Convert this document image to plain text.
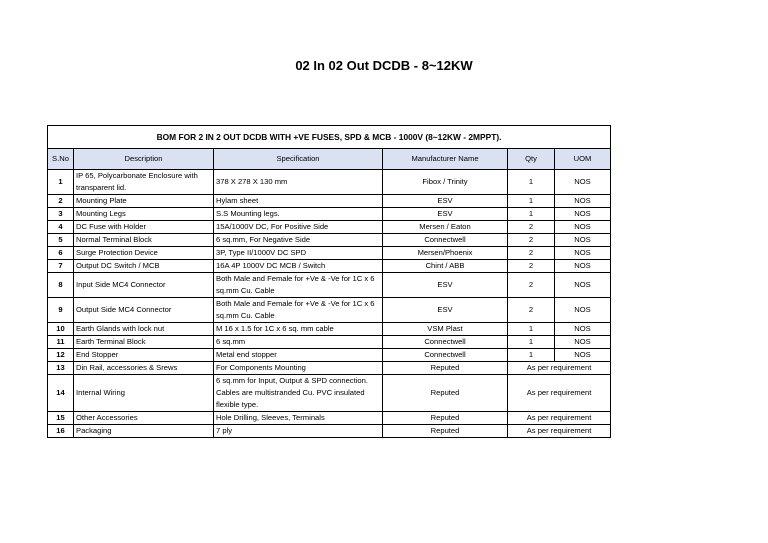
02 In 02 Out DCDB - 8~12KW
BOM FOR 2 IN 2 OUT DCDB WITH +VE FUSES, SPD & MCB - 1000V (8~12KW - 2MPPT).					
S.No	Description	Specification	Manufacturer Name	Qty	UOM
1	IP 65, Polycarbonate Enclosure with transparent lid.	378 X 278 X 130 mm	Fibox / Trinity	1	NOS
2	Mounting Plate	Hylam sheet	ESV	1	NOS
3	Mounting Legs	S.S Mounting legs.	ESV	1	NOS
4	DC Fuse with Holder	15A/1000V DC, For Positive Side	Mersen / Eaton	2	NOS
5	Normal Terminal Block	6 sq.mm, For Negative Side	Connectwell	2	NOS
6	Surge Protection Device	3P, Type II/1000V DC SPD	Mersen/Phoenix	2	NOS
7	Output DC Switch / MCB	16A 4P 1000V DC MCB / Switch	Chint / ABB	2	NOS
8	Input Side MC4 Connector	Both Male and Female for +Ve & -Ve for 1C x 6 sq.mm Cu. Cable	ESV	2	NOS
9	Output Side MC4 Connector	Both Male and Female for +Ve & -Ve for 1C x 6 sq.mm Cu. Cable	ESV	2	NOS
10	Earth Glands with lock nut	M 16 x 1.5 for 1C x 6 sq. mm cable	VSM Plast	1	NOS
11	Earth Terminal Block	6 sq.mm	Connectwell	1	NOS
12	End Stopper	Metal end stopper	Connectwell	1	NOS
13	Din Rail, accessories & Srews	For Components Mounting	Reputed	As per requirement	
14	Internal Wiring	6 sq.mm for Input, Output & SPD connection. Cables are multistranded Cu. PVC insulated flexible type.	Reputed	As per requirement	
15	Other Accessories	Hole Drilling, Sleeves, Terminals	Reputed	As per requirement	
16	Packaging	7 ply	Reputed	As per requirement	
